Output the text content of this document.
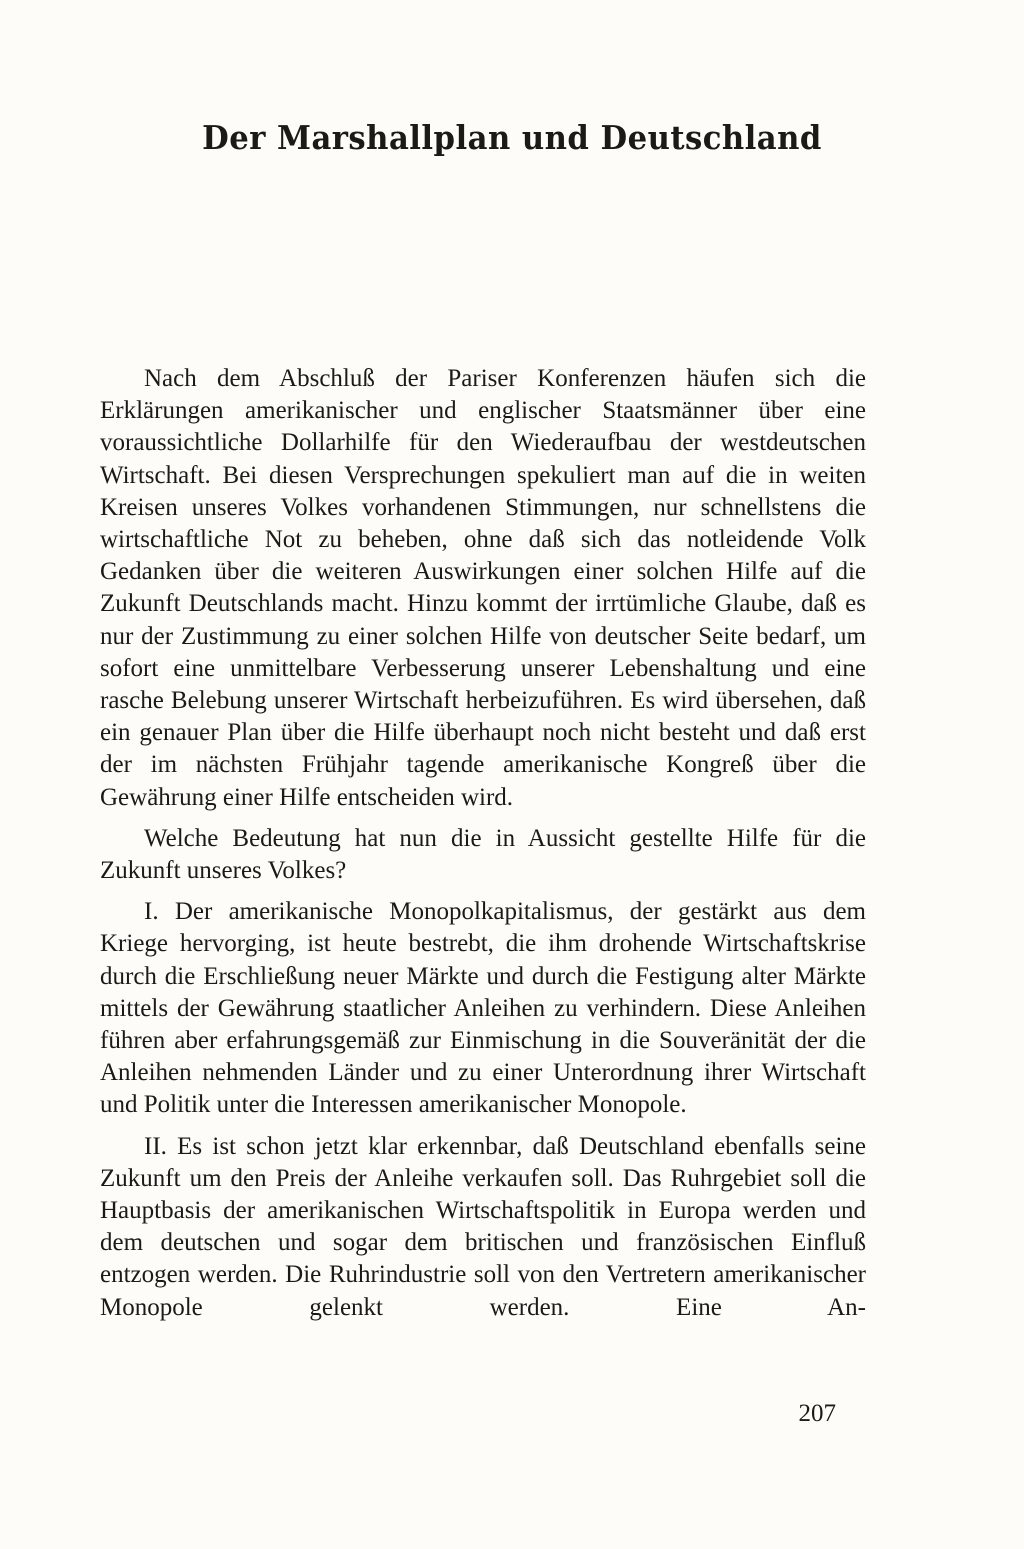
Der Marshallplan und Deutschland

Nach dem Abschluß der Pariser Konferenzen häufen sich die Erklärungen amerikanischer und englischer Staatsmänner über eine voraussichtliche Dollarhilfe für den Wiederaufbau der westdeutschen Wirtschaft. Bei diesen Versprechungen spekuliert man auf die in weiten Kreisen unseres Volkes vorhandenen Stimmungen, nur schnellstens die wirtschaftliche Not zu beheben, ohne daß sich das notleidende Volk Gedanken über die weiteren Auswirkungen einer solchen Hilfe auf die Zukunft Deutschlands macht. Hinzu kommt der irrtümliche Glaube, daß es nur der Zustimmung zu einer solchen Hilfe von deutscher Seite bedarf, um sofort eine unmittelbare Verbesserung unserer Lebenshaltung und eine rasche Belebung unserer Wirtschaft herbeizuführen. Es wird übersehen, daß ein genauer Plan über die Hilfe überhaupt noch nicht besteht und daß erst der im nächsten Frühjahr tagende amerikanische Kongreß über die Gewährung einer Hilfe entscheiden wird.

Welche Bedeutung hat nun die in Aussicht gestellte Hilfe für die Zukunft unseres Volkes?

I. Der amerikanische Monopolkapitalismus, der gestärkt aus dem Kriege hervorging, ist heute bestrebt, die ihm drohende Wirtschaftskrise durch die Erschließung neuer Märkte und durch die Festigung alter Märkte mittels der Gewährung staatlicher Anleihen zu verhindern. Diese Anleihen führen aber erfahrungsgemäß zur Einmischung in die Souveränität der die Anleihen nehmenden Länder und zu einer Unterordnung ihrer Wirtschaft und Politik unter die Interessen amerikanischer Monopole.

II. Es ist schon jetzt klar erkennbar, daß Deutschland ebenfalls seine Zukunft um den Preis der Anleihe verkaufen soll. Das Ruhrgebiet soll die Hauptbasis der amerikanischen Wirtschaftspolitik in Europa werden und dem deutschen und sogar dem britischen und französischen Einfluß entzogen werden. Die Ruhrindustrie soll von den Vertretern amerikanischer Monopole gelenkt werden. Eine An-

207
